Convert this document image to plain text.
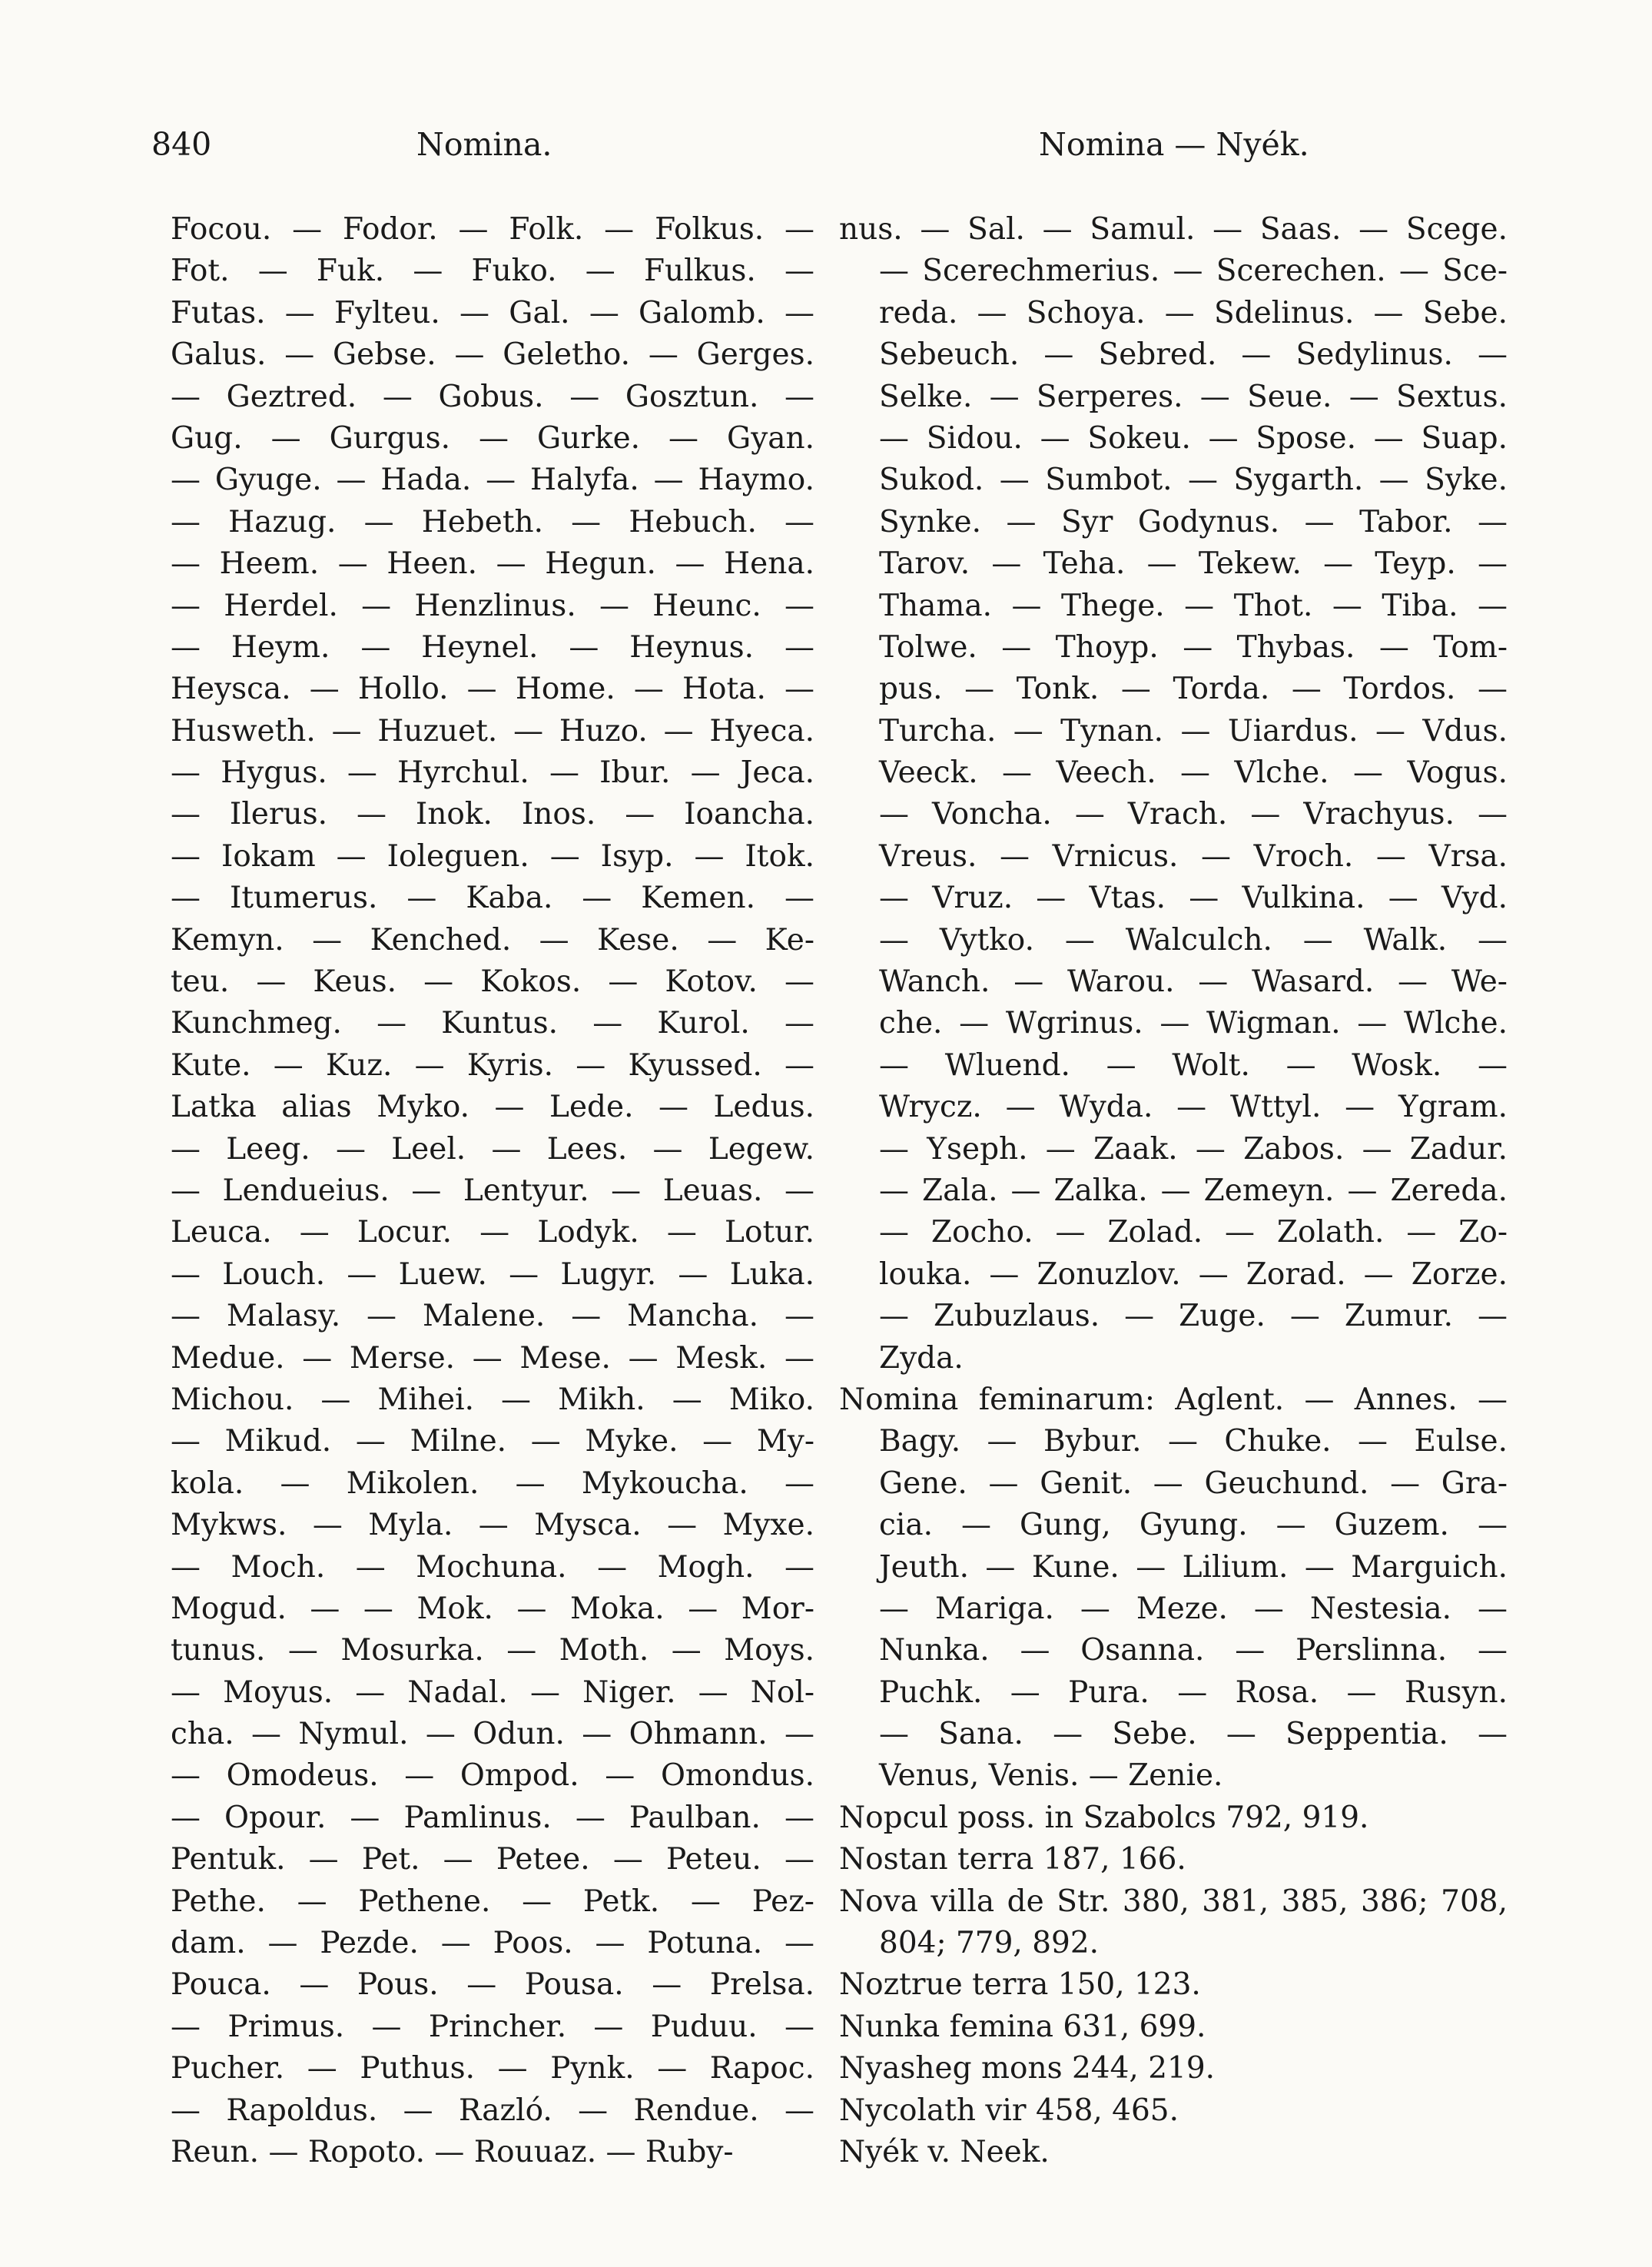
840	Nomina.	Nomina — Nyék.
Focou. — Fodor. — Folk. — Folkus. —
Fot. — Fuk. — Fuko. — Fulkus. —
Futas. — Fylteu. — Gal. — Galomb. —
Galus. — Gebse. — Geletho. — Gerges.
— Geztred. — Gobus. — Gosztun. —
Gug. — Gurgus. — Gurke. — Gyan.
— Gyuge. — Hada. — Halyfa. — Haymo.
— Hazug. — Hebeth. — Hebuch. —
— Heem. — Heen. — Hegun. — Hena.
— Herdel. — Henzlinus. — Heunc. —
— Heym. — Heynel. — Heynus. —
Heysca. — Hollo. — Home. — Hota. —
Husweth. — Huzuet. — Huzo. — Hyeca.
— Hygus. — Hyrchul. — Ibur. — Jeca.
— Ilerus. — Inok. Inos. — Ioancha.
— Iokam — Ioleguen. — Isyp. — Itok.
— Itumerus. — Kaba. — Kemen. —
Kemyn. — Kenched. — Kese. — Ke-
teu. — Keus. — Kokos. — Kotov. —
Kunchmeg. — Kuntus. — Kurol. —
Kute. — Kuz. — Kyris. — Kyussed. —
Latka alias Myko. — Lede. — Ledus.
— Leeg. — Leel. — Lees. — Legew.
— Lendueius. — Lentyur. — Leuas. —
Leuca. — Locur. — Lodyk. — Lotur.
— Louch. — Luew. — Lugyr. — Luka.
— Malasy. — Malene. — Mancha. —
Medue. — Merse. — Mese. — Mesk. —
Michou. — Mihei. — Mikh. — Miko.
— Mikud. — Milne. — Myke. — My-
kola. — Mikolen. — Mykoucha. —
Mykws. — Myla. — Mysca. — Myxe.
— Moch. — Mochuna. — Mogh. —
Mogud. — — Mok. — Moka. — Mor-
tunus. — Mosurka. — Moth. — Moys.
— Moyus. — Nadal. — Niger. — Nol-
cha. — Nymul. — Odun. — Ohmann. —
— Omodeus. — Ompod. — Omondus.
— Opour. — Pamlinus. — Paulban. —
Pentuk. — Pet. — Petee. — Peteu. —
Pethe. — Pethene. — Petk. — Pez-
dam. — Pezde. — Poos. — Potuna. —
Pouca. — Pous. — Pousa. — Prelsa.
— Primus. — Princher. — Puduu. —
Pucher. — Puthus. — Pynk. — Rapoc.
— Rapoldus. — Razló. — Rendue. —
Reun. — Ropoto. — Rouuaz. — Ruby-
nus. — Sal. — Samul. — Saas. — Scege.
— Scerechmerius. — Scerechen. — Sce-
reda. — Schoya. — Sdelinus. — Sebe.
Sebeuch. — Sebred. — Sedylinus. —
Selke. — Serperes. — Seue. — Sextus.
— Sidou. — Sokeu. — Spose. — Suap.
Sukod. — Sumbot. — Sygarth. — Syke.
Synke. — Syr Godynus. — Tabor. —
Tarov. — Teha. — Tekew. — Teyp. —
Thama. — Thege. — Thot. — Tiba. —
Tolwe. — Thoyp. — Thybas. — Tom-
pus. — Tonk. — Torda. — Tordos. —
Turcha. — Tynan. — Uiardus. — Vdus.
Veeck. — Veech. — Vlche. — Vogus.
— Voncha. — Vrach. — Vrachyus. —
Vreus. — Vrnicus. — Vroch. — Vrsa.
— Vruz. — Vtas. — Vulkina. — Vyd.
— Vytko. — Walculch. — Walk. —
Wanch. — Warou. — Wasard. — We-
che. — Wgrinus. — Wigman. — Wlche.
— Wluend. — Wolt. — Wosk. —
Wrycz. — Wyda. — Wttyl. — Ygram.
— Yseph. — Zaak. — Zabos. — Zadur.
— Zala. — Zalka. — Zemeyn. — Zereda.
— Zocho. — Zolad. — Zolath. — Zo-
louka. — Zonuzlov. — Zorad. — Zorze.
— Zubuzlaus. — Zuge. — Zumur. —
Zyda.
Nomina feminarum: Aglent. — Annes. —
Bagy. — Bybur. — Chuke. — Eulse.
Gene. — Genit. — Geuchund. — Gra-
cia. — Gung, Gyung. — Guzem. —
Jeuth. — Kune. — Lilium. — Marguich.
— Mariga. — Meze. — Nestesia. —
Nunka. — Osanna. — Perslinna. —
Puchk. — Pura. — Rosa. — Rusyn.
— Sana. — Sebe. — Seppentia. —
Venus, Venis. — Zenie.
Nopcul poss. in Szabolcs 792, 919.
Nostan terra 187, 166.
Nova villa de Str. 380, 381, 385, 386; 708,
804; 779, 892.
Noztrue terra 150, 123.
Nunka femina 631, 699.
Nyasheg mons 244, 219.
Nycolath vir 458, 465.
Nyék v. Neek.
